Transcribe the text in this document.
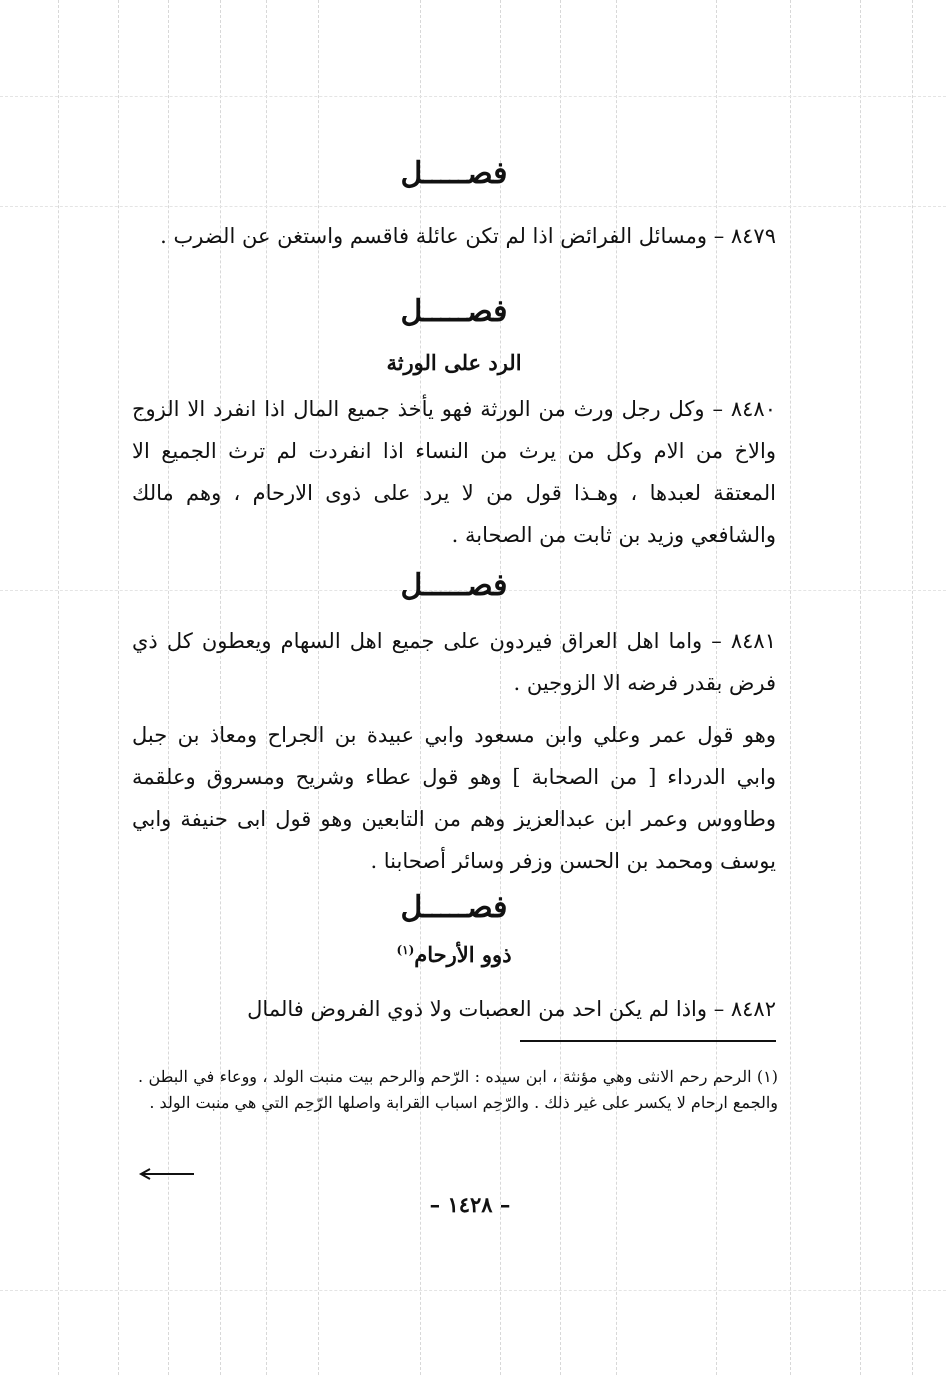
فصـــــل

٨٤٧٩ – ومسائل الفرائض اذا لم تكن عائلة فاقسم واستغن عن الضرب .

فصـــــل
الرد على الورثة

٨٤٨٠ – وكل رجل ورث من الورثة فهو يأخذ جميع المال اذا انفرد الا الزوج والاخ من الام وكل من يرث من النساء اذا انفردت لم ترث الجميع الا المعتقة لعبدها ، وهـذا قول من لا يرد على ذوى الارحام ، وهم مالك والشافعي وزيد بن ثابت من الصحابة .

فصـــــل

٨٤٨١ – واما اهل العراق فيردون على جميع اهل السهام ويعطون كل ذي فرض بقدر فرضه الا الزوجين .

وهو قول عمر وعلي وابن مسعود وابي عبيدة بن الجراح ومعاذ بن جبل وابي الدرداء [ من الصحابة ] وهو قول عطاء وشريح ومسروق وعلقمة وطاووس وعمر ابن عبدالعزيز وهم من التابعين وهو قول ابى حنيفة وابي يوسف ومحمد بن الحسن وزفر وسائر أصحابنا .

فصـــــل
ذوو الأرحام$^{(١)}$

٨٤٨٢ – واذا لم يكن احد من العصبات ولا ذوي الفروض فالمال

(١) الرحم رحم الانثى وهي مؤنثة ، ابن سيده : الرّحم والرحم بيت منبت الولد ، ووعاء في البطن . والجمع ارحام لا يكسر على غير ذلك . والرّحِم اسباب القرابة واصلها الرّحِم التي هي منبت الولد .

– ١٤٢٨ –
